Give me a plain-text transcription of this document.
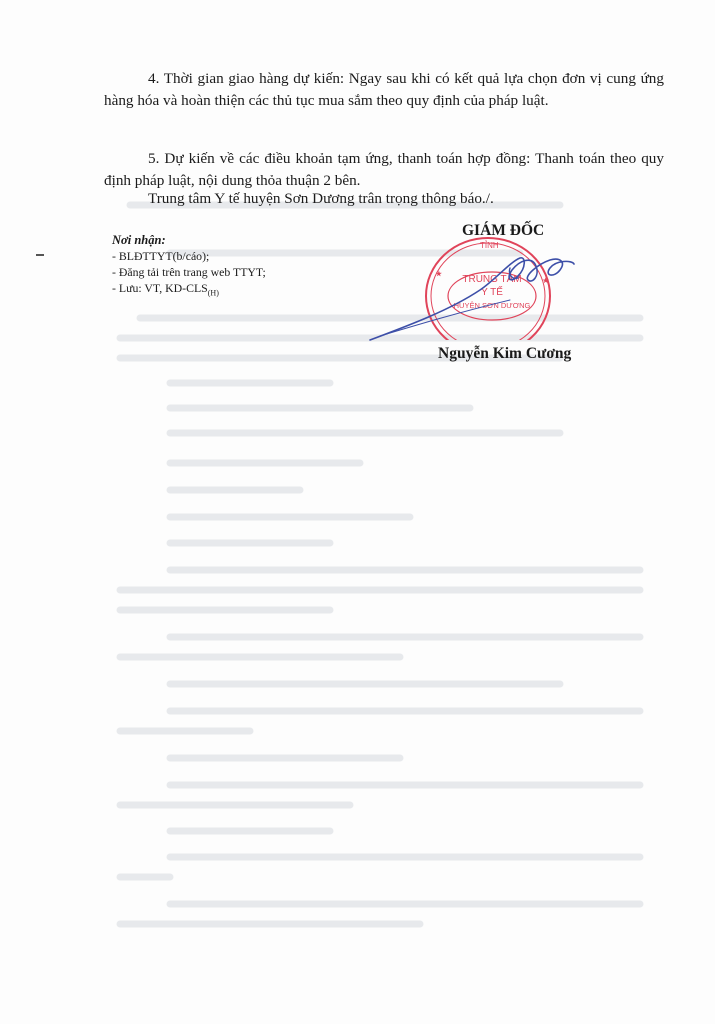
4. Thời gian giao hàng dự kiến: Ngay sau khi có kết quả lựa chọn đơn vị cung ứng hàng hóa và hoàn thiện các thủ tục mua sắm theo quy định của pháp luật.

5. Dự kiến về các điều khoản tạm ứng, thanh toán hợp đồng: Thanh toán theo quy định pháp luật, nội dung thỏa thuận 2 bên.

Trung tâm Y tế huyện Sơn Dương trân trọng thông báo./.

Nơi nhận:
- BLĐTTYT(b/cáo);
- Đăng tải trên trang web TTYT;
- Lưu: VT, $KD-CLS_{(H)}$
GIÁM ĐỐC
TỈNH
TRUNG TÂM
Y TẾ
HUYỆN SƠN DƯƠNG
★
★
Nguyễn Kim Cương
